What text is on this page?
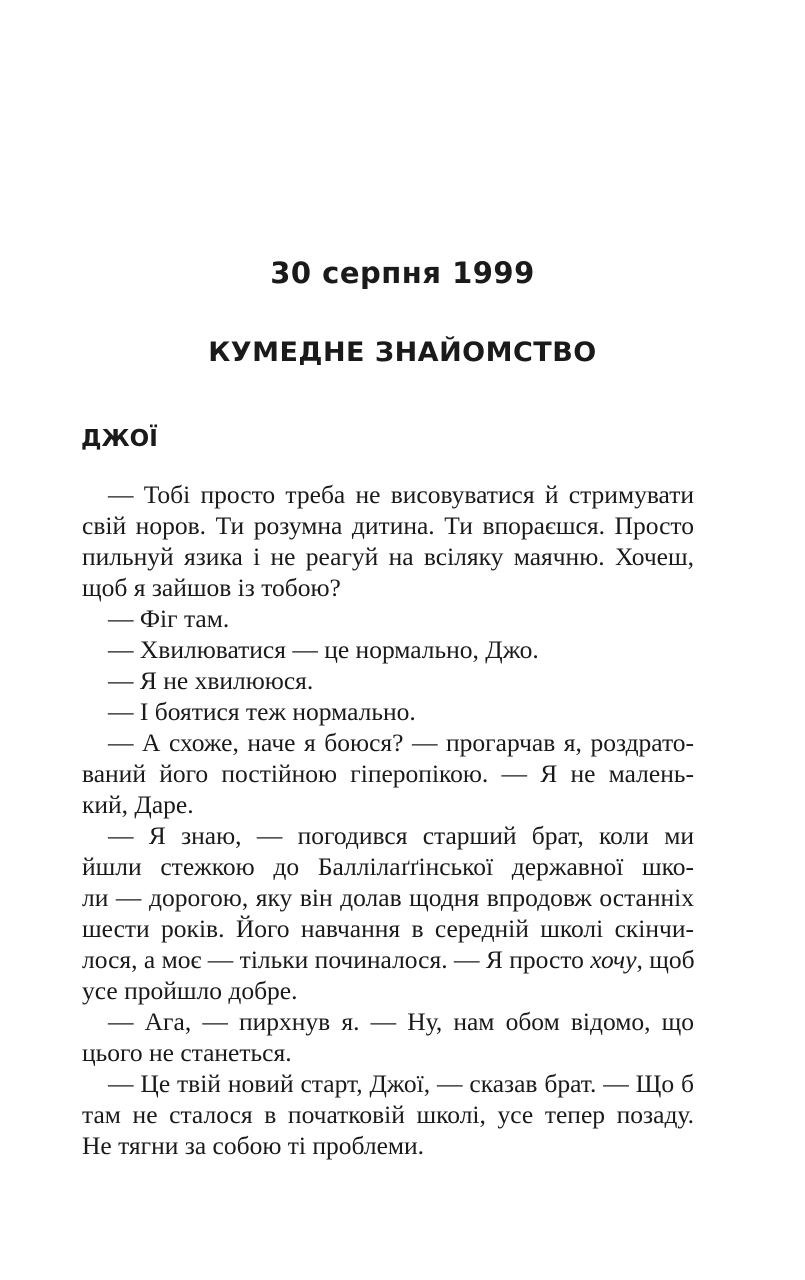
30 серпня 1999
КУМЕДНЕ ЗНАЙОМСТВО
ДЖОЇ
— Тобі просто треба не висовуватися й стримувати
свій норов. Ти розумна дитина. Ти впораєшся. Просто
пильнуй язика і не реагуй на всіляку маячню. Хочеш,
щоб я зайшов із тобою?
— Фіг там.
— Хвилюватися — це нормально, Джо.
— Я не хвилююся.
— І боятися теж нормально.
— А схоже, наче я боюся? — прогарчав я, роздрато-
ваний його постійною гіперопікою. — Я не малень-
кий, Даре.
— Я знаю, — погодився старший брат, коли ми
йшли стежкою до Баллілаґґінської державної шко-
ли — дорогою, яку він долав щодня впродовж останніх
шести років. Його навчання в середній школі скінчи-
лося, а моє — тільки починалося. — Я просто хочу, щоб
усе пройшло добре.
— Ага, — пирхнув я. — Ну, нам обом відомо, що
цього не станеться.
— Це твій новий старт, Джої, — сказав брат. — Що б
там не сталося в початковій школі, усе тепер позаду.
Не тягни за собою ті проблеми.
